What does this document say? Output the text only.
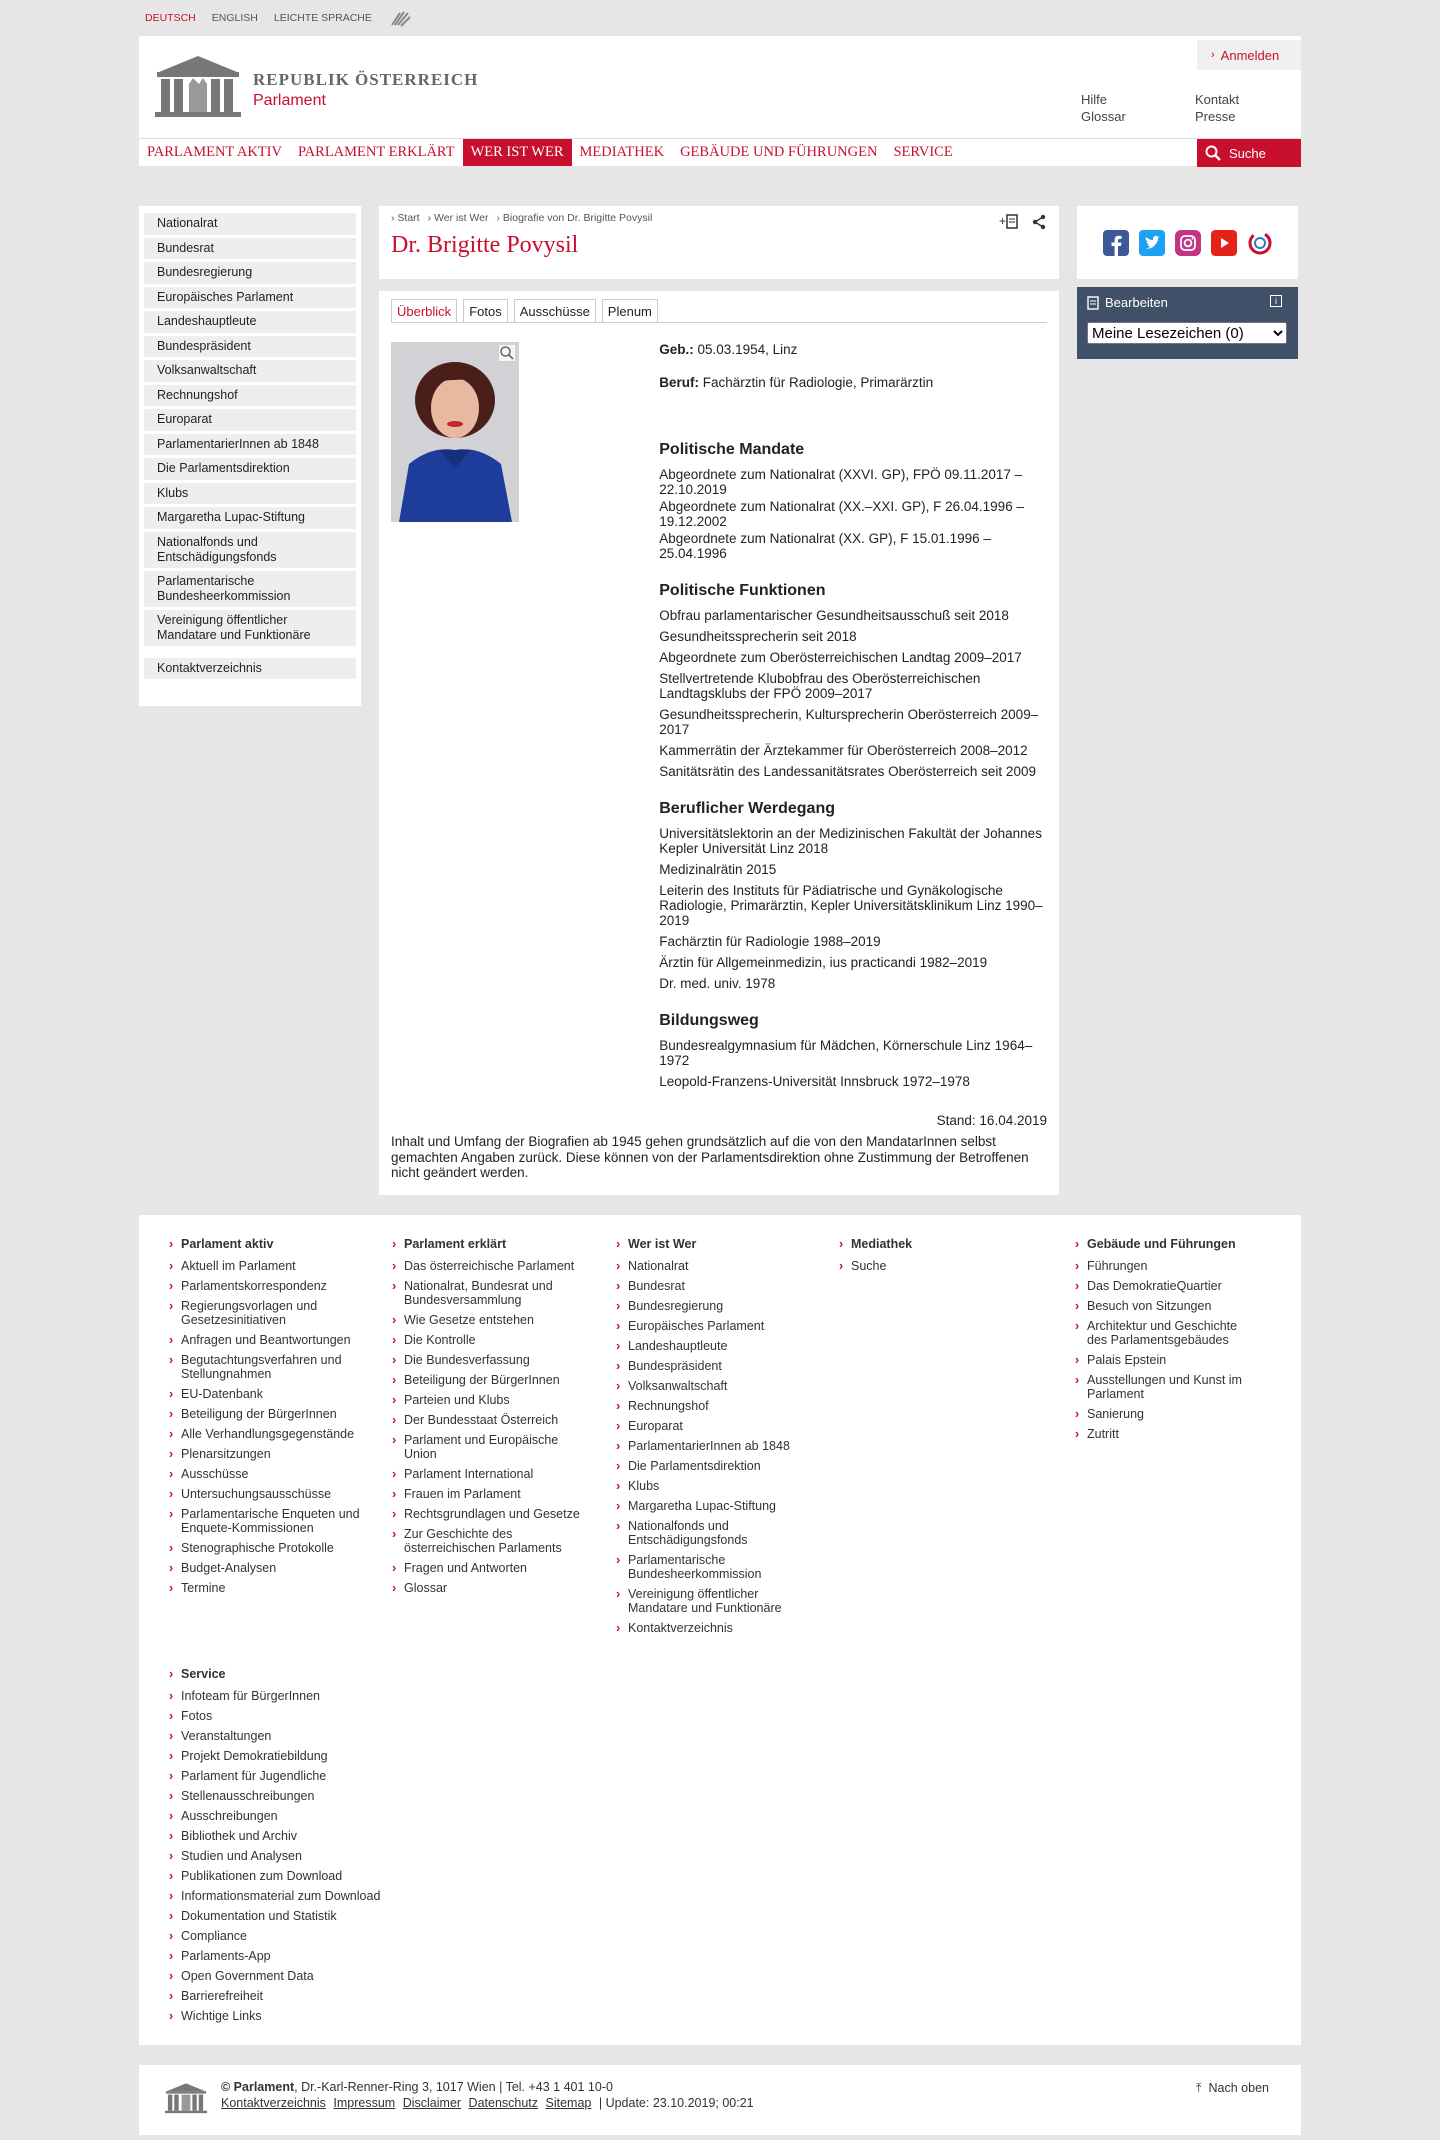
DEUTSCH ENGLISH LEICHTE SPRACHE
› Anmelden
REPUBLIK ÖSTERREICH
Parlament	Hilfe	Kontakt
Glossar	Presse
PARLAMENT AKTIV	PARLAMENT ERKLÄRT	WER IST WER	MEDIATHEK	GEBÄUDE UND FÜHRUNGEN	SERVICE	Suche
Nationalrat
Bundesrat
Bundesregierung
Europäisches Parlament
Landeshauptleute
Bundespräsident
Volksanwaltschaft
Rechnungshof
Europarat
ParlamentarierInnen ab 1848
Die Parlamentsdirektion
Klubs
Margaretha Lupac-Stiftung
Nationalfonds und Entschädigungsfonds
Parlamentarische Bundesheerkommission
Vereinigung öffentlicher Mandatare und Funktionäre
Kontaktverzeichnis
› Start	› Wer ist Wer	› Biografie von Dr. Brigitte Povysil
Dr. Brigitte Povysil
+
Überblick	Fotos	Ausschüsse	Plenum

Geb.: 05.03.1954, Linz

Beruf: Fachärztin für Radiologie, Primarärztin

Politische Mandate
Abgeordnete zum Nationalrat (XXVI. GP), FPÖ 09.11.2017 – 22.10.2019
Abgeordnete zum Nationalrat (XX.–XXI. GP), F 26.04.1996 – 19.12.2002
Abgeordnete zum Nationalrat (XX. GP), F 15.01.1996 – 25.04.1996
Politische Funktionen
Obfrau parlamentarischer Gesundheitsausschuß seit 2018
Gesundheitssprecherin seit 2018
Abgeordnete zum Oberösterreichischen Landtag 2009–2017
Stellvertretende Klubobfrau des Oberösterreichischen Landtagsklubs der FPÖ 2009–2017
Gesundheitssprecherin, Kultursprecherin Oberösterreich 2009–2017
Kammerrätin der Ärztekammer für Oberösterreich 2008–2012
Sanitätsrätin des Landessanitätsrates Oberösterreich seit 2009
Beruflicher Werdegang
Universitätslektorin an der Medizinischen Fakultät der Johannes Kepler Universität Linz 2018
Medizinalrätin 2015
Leiterin des Instituts für Pädiatrische und Gynäkologische Radiologie, Primarärztin, Kepler Universitätsklinikum Linz 1990–2019
Fachärztin für Radiologie 1988–2019
Ärztin für Allgemeinmedizin, ius practicandi 1982–2019
Dr. med. univ. 1978
Bildungsweg
Bundesrealgymnasium für Mädchen, Körnerschule Linz 1964–1972
Leopold-Franzens-Universität Innsbruck 1972–1978
Stand: 16.04.2019

Inhalt und Umfang der Biografien ab 1945 gehen grundsätzlich auf die von den MandatarInnen selbst gemachten Angaben zurück. Diese können von der Parlamentsdirektion ohne Zustimmung der Betroffenen nicht geändert werden.

Bearbeiten	i
Meine Lesezeichen (0)
› Parlament aktiv
› Aktuell im Parlament
› Parlamentskorrespondenz
› Regierungsvorlagen und Gesetzesinitiativen
› Anfragen und Beantwortungen
› Begutachtungsverfahren und Stellungnahmen
› EU-Datenbank
› Beteiligung der BürgerInnen
› Alle Verhandlungsgegenstände
› Plenarsitzungen
› Ausschüsse
› Untersuchungsausschüsse
› Parlamentarische Enqueten und Enquete-Kommissionen
› Stenographische Protokolle
› Budget-Analysen
› Termine
› Parlament erklärt
› Das österreichische Parlament
› Nationalrat, Bundesrat und Bundesversammlung
› Wie Gesetze entstehen
› Die Kontrolle
› Die Bundesverfassung
› Beteiligung der BürgerInnen
› Parteien und Klubs
› Der Bundesstaat Österreich
› Parlament und Europäische Union
› Parlament International
› Frauen im Parlament
› Rechtsgrundlagen und Gesetze
› Zur Geschichte des österreichischen Parlaments
› Fragen und Antworten
› Glossar
› Wer ist Wer
› Nationalrat
› Bundesrat
› Bundesregierung
› Europäisches Parlament
› Landeshauptleute
› Bundespräsident
› Volksanwaltschaft
› Rechnungshof
› Europarat
› ParlamentarierInnen ab 1848
› Die Parlamentsdirektion
› Klubs
› Margaretha Lupac-Stiftung
› Nationalfonds und Entschädigungsfonds
› Parlamentarische Bundesheerkommission
› Vereinigung öffentlicher Mandatare und Funktionäre
› Kontaktverzeichnis
› Mediathek
› Suche
› Gebäude und Führungen
› Führungen
› Das DemokratieQuartier
› Besuch von Sitzungen
› Architektur und Geschichte des Parlamentsgebäudes
› Palais Epstein
› Ausstellungen und Kunst im Parlament
› Sanierung
› Zutritt
› Service
› Infoteam für BürgerInnen
› Fotos
› Veranstaltungen
› Projekt Demokratiebildung
› Parlament für Jugendliche
› Stellenausschreibungen
› Ausschreibungen
› Bibliothek und Archiv
› Studien und Analysen
› Publikationen zum Download
› Informationsmaterial zum Download
› Dokumentation und Statistik
› Compliance
› Parlaments-App
› Open Government Data
› Barrierefreiheit
› Wichtige Links
© Parlament, Dr.-Karl-Renner-Ring 3, 1017 Wien | Tel. +43 1 401 10-0
Kontaktverzeichnis Impressum Disclaimer Datenschutz Sitemap | Update: 23.10.2019; 00:21
⤒ Nach oben
